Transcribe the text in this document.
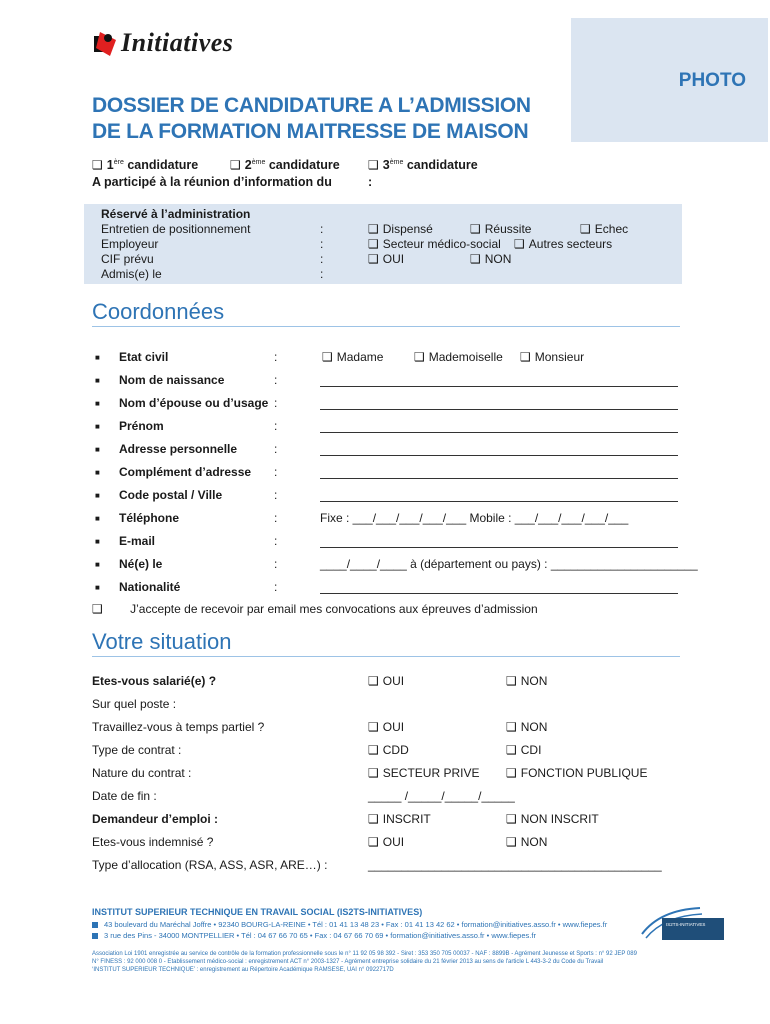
Initiatives
PHOTO
DOSSIER DE CANDIDATURE A L’ADMISSION
DE LA FORMATION MAITRESSE DE MAISON
❑ 1ère candidature	❑ 2ème candidature ❑ 3ème candidature
A participé à la réunion d’information du	:
Réservé à l’administration
Entretien de positionnement	:	❑ Dispensé	❑ Réussite	❑ Echec
Employeur	:	❑ Secteur médico-social ❑ Autres secteurs
CIF prévu	:	❑ OUI	❑ NON
Admis(e) le	:
Coordonnées
■ Etat civil	:	❑ Madame	❑ Mademoiselle ❑ Monsieur
■ Nom de naissance	:
■ Nom d’épouse ou d’usage :
■ Prénom	:
■ Adresse personnelle	:
■ Complément d’adresse :
■ Code postal / Ville	:
■ Téléphone	:	Fixe : ___/___/___/___/___ Mobile : ___/___/___/___/___
■ E-mail	:
■ Né(e) le	:	____/____/____ à (département ou pays) : ______________________
■ Nationalité	:
❑ J’accepte de recevoir par email mes convocations aux épreuves d’admission
Votre situation
Etes-vous salarié(e) ?	❑ OUI	❑ NON
Sur quel poste :
Travaillez-vous à temps partiel ?	❑ OUI	❑ NON
Type de contrat :	❑ CDD	❑ CDI
Nature du contrat :	❑ SECTEUR PRIVE ❑ FONCTION PUBLIQUE
Date de fin :	_____ /_____/_____/_____
Demandeur d’emploi :	❑ INSCRIT	❑ NON INSCRIT
Etes-vous indemnisé ?	❑ OUI	❑ NON
Type d’allocation (RSA, ASS, ASR, ARE…) :	____________________________________________
INSTITUT SUPERIEUR TECHNIQUE EN TRAVAIL SOCIAL (IS2TS-INITIATIVES)
43 boulevard du Maréchal Joffre • 92340 BOURG-LA-REINE • Tél : 01 41 13 48 23 • Fax : 01 41 13 42 62 • formation@initiatives.asso.fr • www.fiepes.fr
3 rue des Pins - 34000 MONTPELLIER • Tél : 04 67 66 70 65 • Fax : 04 67 66 70 69 • formation@initiatives.asso.fr • www.fiepes.fr
Association Loi 1901 enregistrée au service de contrôle de la formation professionnelle sous le n° 11 92 05 98 392 - Siret : 353 350 705 00037 - NAF : 8899B - Agrément Jeunesse et Sports : n° 92 JEP 089
N° FINESS : 92 000 008 0 - Etablissement médico-social : enregistrement ACT n° 2003-1327 - Agrément entreprise solidaire du 21 février 2013 au sens de l'article L 443-3-2 du Code du Travail
‘INSTITUT SUPERIEUR TECHNIQUE’ : enregistrement au Répertoire Académique RAMSESE, UAI n° 0922717D
IS2TS-INITIATIVES
